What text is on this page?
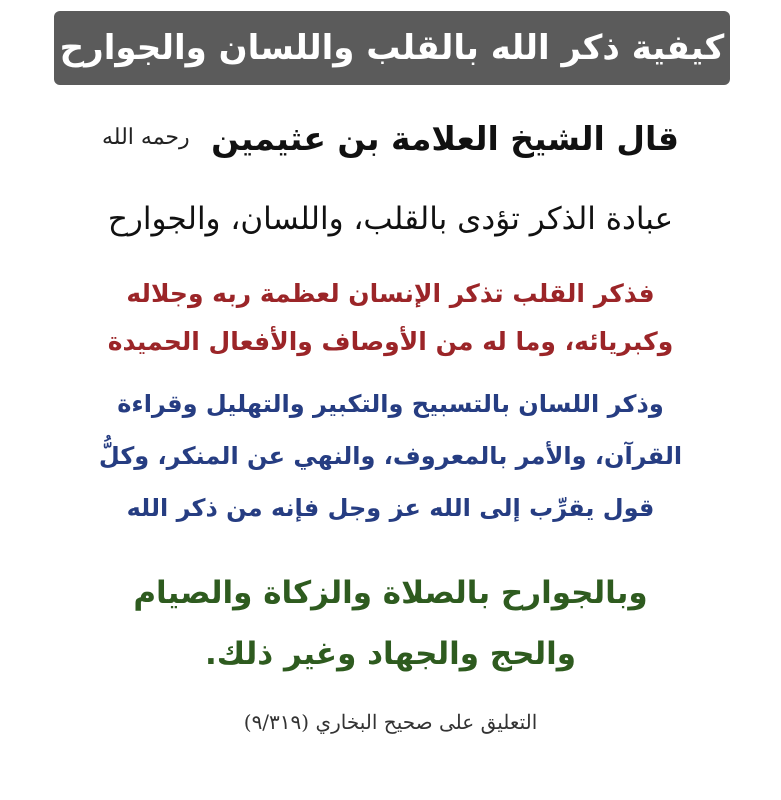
كيفية ذكر الله بالقلب واللسان والجوارح
قال الشيخ العلامة بن عثيمين رحمه الله
عبادة الذكر تؤدى بالقلب، واللسان، والجوارح
فذكر القلب تذكر الإنسان لعظمة ربه وجلاله
وكبريائه، وما له من الأوصاف والأفعال الحميدة
وذكر اللسان بالتسبيح والتكبير والتهليل وقراءة
القرآن، والأمر بالمعروف، والنهي عن المنكر، وكلُّ
قول يقرِّب إلى الله عز وجل فإنه من ذكر الله
وبالجوارح بالصلاة والزكاة والصيام
والحج والجهاد وغير ذلك.
التعليق على صحيح البخاري (٩/٣١٩)
